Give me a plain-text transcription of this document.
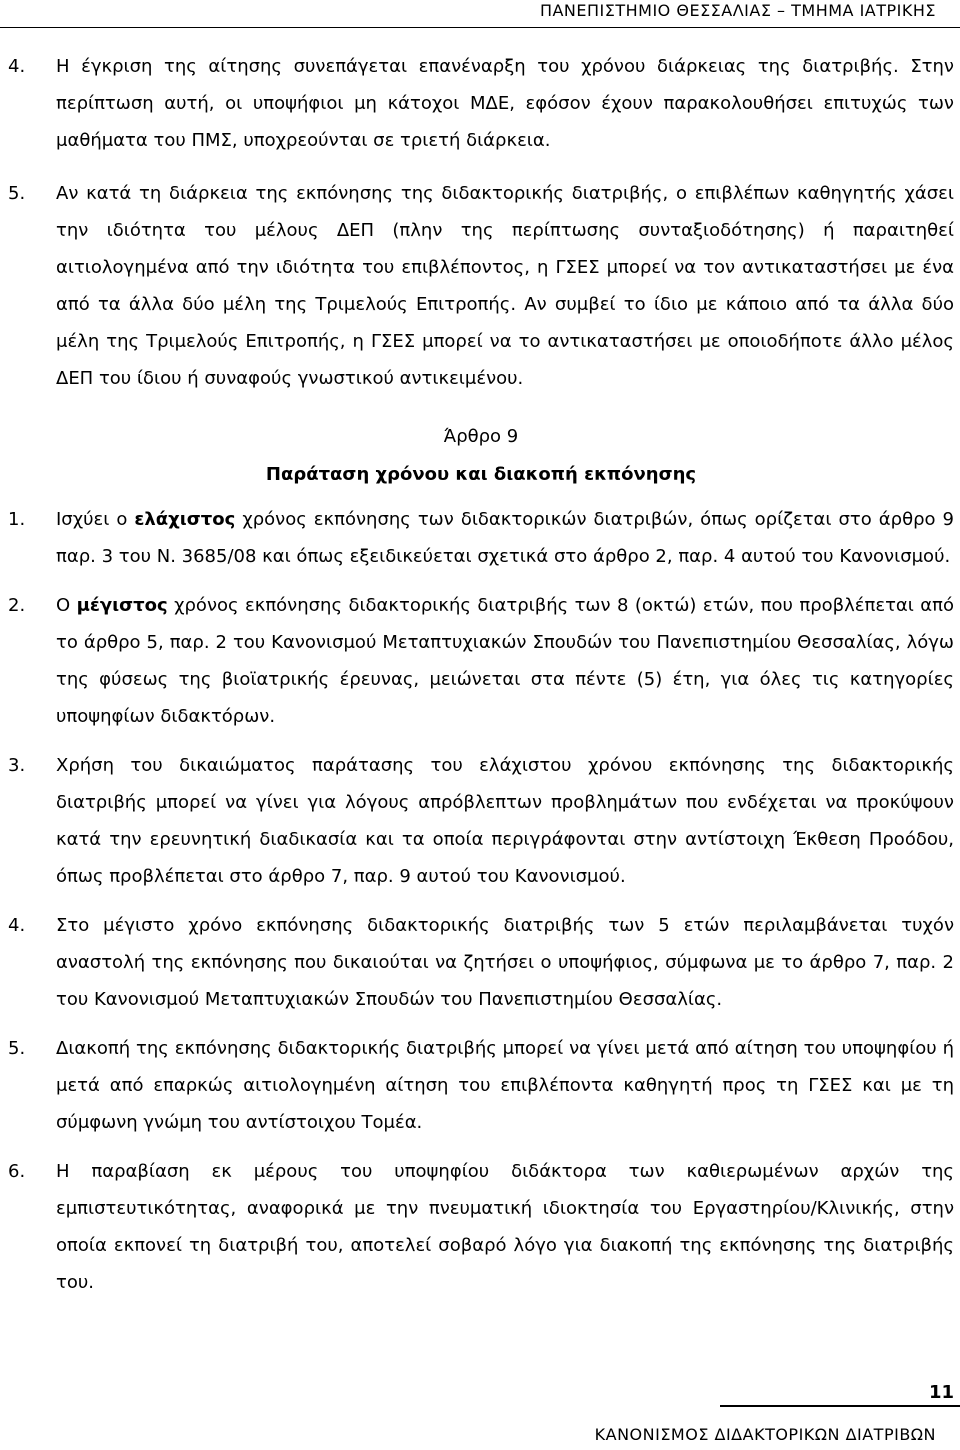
ΠΑΝΕΠΙΣΤΗΜΙΟ ΘΕΣΣΑΛΙΑΣ – ΤΜΗΜΑ ΙΑΤΡΙΚΗΣ
4. Η έγκριση της αίτησης συνεπάγεται επανέναρξη του χρόνου διάρκειας της διατριβής. Στην περίπτωση αυτή, οι υποψήφιοι μη κάτοχοι ΜΔΕ, εφόσον έχουν παρακολουθήσει επιτυχώς των μαθήματα του ΠΜΣ, υποχρεούνται σε τριετή διάρκεια.
5. Αν κατά τη διάρκεια της εκπόνησης της διδακτορικής διατριβής, ο επιβλέπων καθηγητής χάσει την ιδιότητα του μέλους ΔΕΠ (πλην της περίπτωσης συνταξιοδότησης) ή παραιτηθεί αιτιολογημένα από την ιδιότητα του επιβλέποντος, η ΓΣΕΣ μπορεί να τον αντικαταστήσει με ένα από τα άλλα δύο μέλη της Τριμελούς Επιτροπής. Αν συμβεί το ίδιο με κάποιο από τα άλλα δύο μέλη της Τριμελούς Επιτροπής, η ΓΣΕΣ μπορεί να το αντικαταστήσει με οποιοδήποτε άλλο μέλος ΔΕΠ του ίδιου ή συναφούς γνωστικού αντικειμένου.
Άρθρο 9
Παράταση χρόνου και διακοπή εκπόνησης
1. Ισχύει ο ελάχιστος χρόνος εκπόνησης των διδακτορικών διατριβών, όπως ορίζεται στο άρθρο 9 παρ. 3 του Ν. 3685/08 και όπως εξειδικεύεται σχετικά στο άρθρο 2, παρ. 4 αυτού του Κανονισμού.
2. Ο μέγιστος χρόνος εκπόνησης διδακτορικής διατριβής των 8 (οκτώ) ετών, που προβλέπεται από το άρθρο 5, παρ. 2 του Κανονισμού Μεταπτυχιακών Σπουδών του Πανεπιστημίου Θεσσαλίας, λόγω της φύσεως της βιοϊατρικής έρευνας, μειώνεται στα πέντε (5) έτη, για όλες τις κατηγορίες υποψηφίων διδακτόρων.
3. Χρήση του δικαιώματος παράτασης του ελάχιστου χρόνου εκπόνησης της διδακτορικής διατριβής μπορεί να γίνει για λόγους απρόβλεπτων προβλημάτων που ενδέχεται να προκύψουν κατά την ερευνητική διαδικασία και τα οποία περιγράφονται στην αντίστοιχη Έκθεση Προόδου, όπως προβλέπεται στο άρθρο 7, παρ. 9 αυτού του Κανονισμού.
4. Στο μέγιστο χρόνο εκπόνησης διδακτορικής διατριβής των 5 ετών περιλαμβάνεται τυχόν αναστολή της εκπόνησης που δικαιούται να ζητήσει ο υποψήφιος, σύμφωνα με το άρθρο 7, παρ. 2 του Κανονισμού Μεταπτυχιακών Σπουδών του Πανεπιστημίου Θεσσαλίας.
5. Διακοπή της εκπόνησης διδακτορικής διατριβής μπορεί να γίνει μετά από αίτηση του υποψηφίου ή μετά από επαρκώς αιτιολογημένη αίτηση του επιβλέποντα καθηγητή προς τη ΓΣΕΣ και με τη σύμφωνη γνώμη του αντίστοιχου Τομέα.
6. Η παραβίαση εκ μέρους του υποψηφίου διδάκτορα των καθιερωμένων αρχών της εμπιστευτικότητας, αναφορικά με την πνευματική ιδιοκτησία του Εργαστηρίου/Κλινικής, στην οποία εκπονεί τη διατριβή του, αποτελεί σοβαρό λόγο για διακοπή της εκπόνησης της διατριβής του.
11
ΚΑΝΟΝΙΣΜΟΣ ΔΙΔΑΚΤΟΡΙΚΩΝ ΔΙΑΤΡΙΒΩΝ
